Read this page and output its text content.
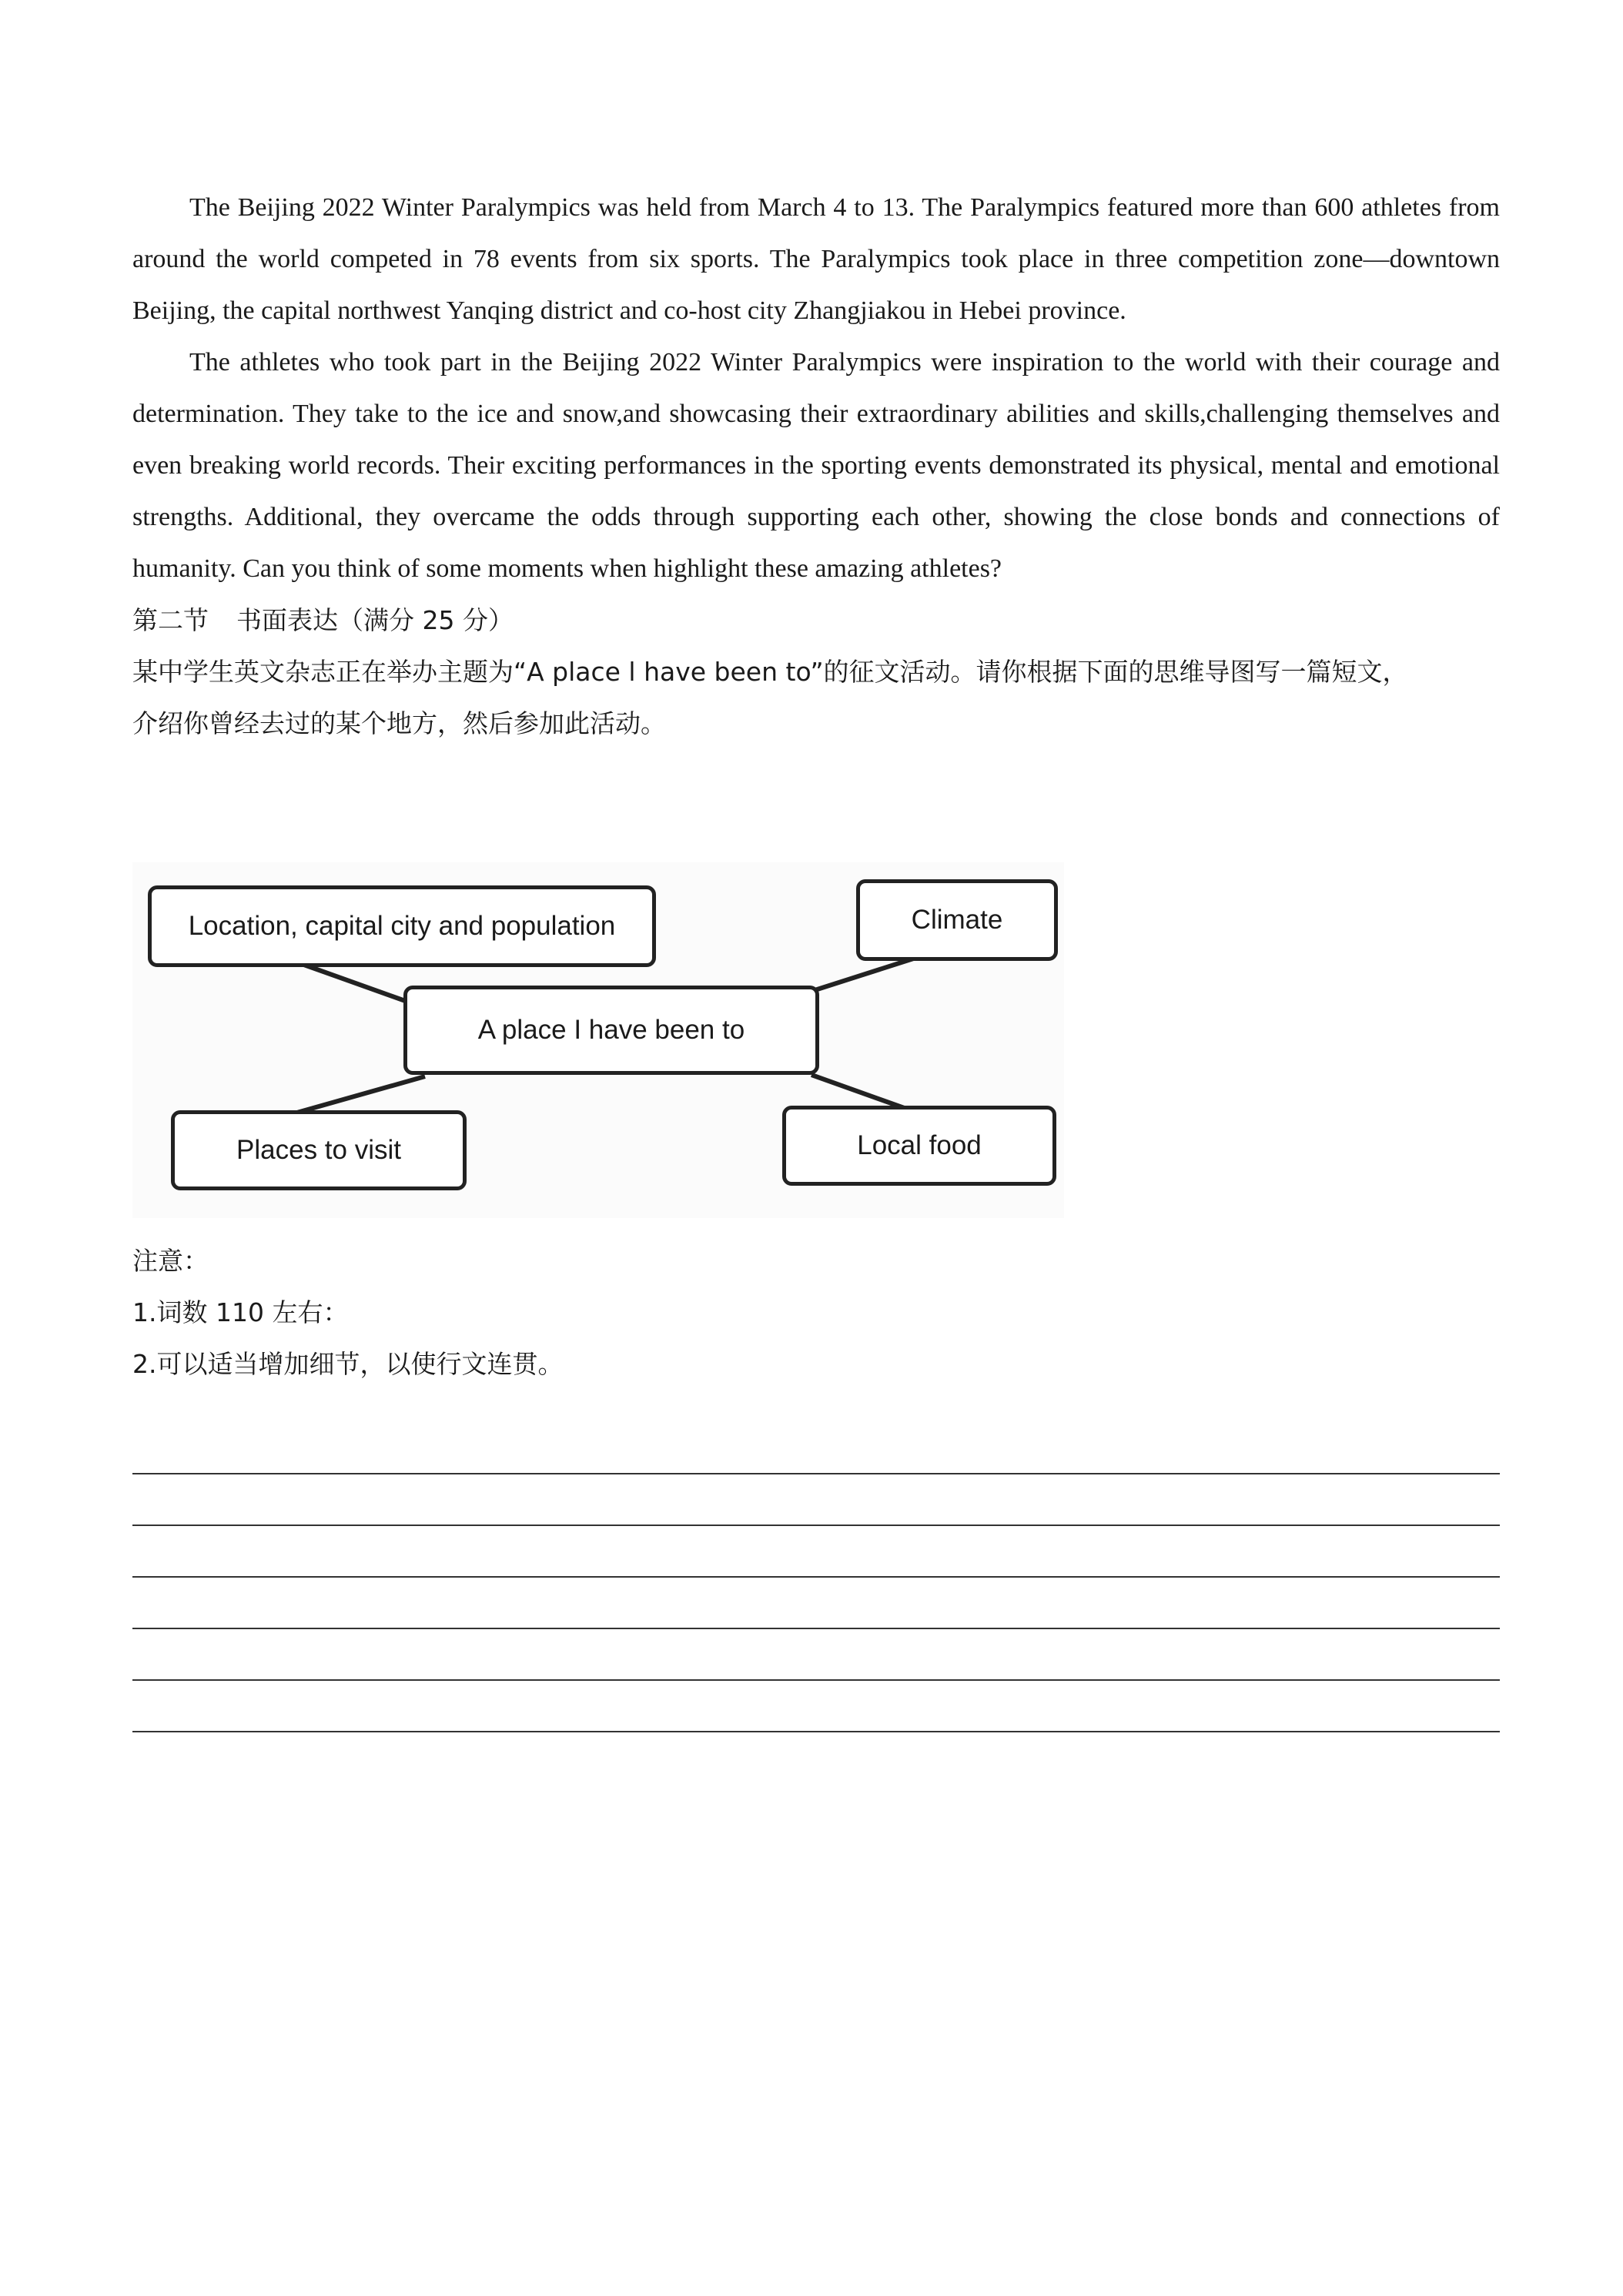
The Beijing 2022 Winter Paralympics was held from March 4 to 13. The Paralympics featured more than 600 athletes from around the world competed in 78 events from six sports. The Paralympics took place in three competition zone—downtown Beijing, the capital northwest Yanqing district and co-host city Zhangjiakou in Hebei province.

The athletes who took part in the Beijing 2022 Winter Paralympics were inspiration to the world with their courage and determination. They take to the ice and snow,and showcasing their extraordinary abilities and skills,challenging themselves and even breaking world records. Their exciting performances in the sporting events demonstrated its physical, mental and emotional strengths. Additional, they overcame the odds through supporting each other, showing the close bonds and connections of humanity. Can you think of some moments when highlight these amazing athletes?

第二节 书面表达（满分 25 分）

某中学生英文杂志正在举办主题为“A place l have been to”的征文活动。请你根据下面的思维导图写一篇短文，

介绍你曾经去过的某个地方，然后参加此活动。

Location, capital city and population	Climate
A place I have been to
Places to visit	Local food

注意：

1.词数 110 左右：

2.可以适当增加细节，以使行文连贯。
